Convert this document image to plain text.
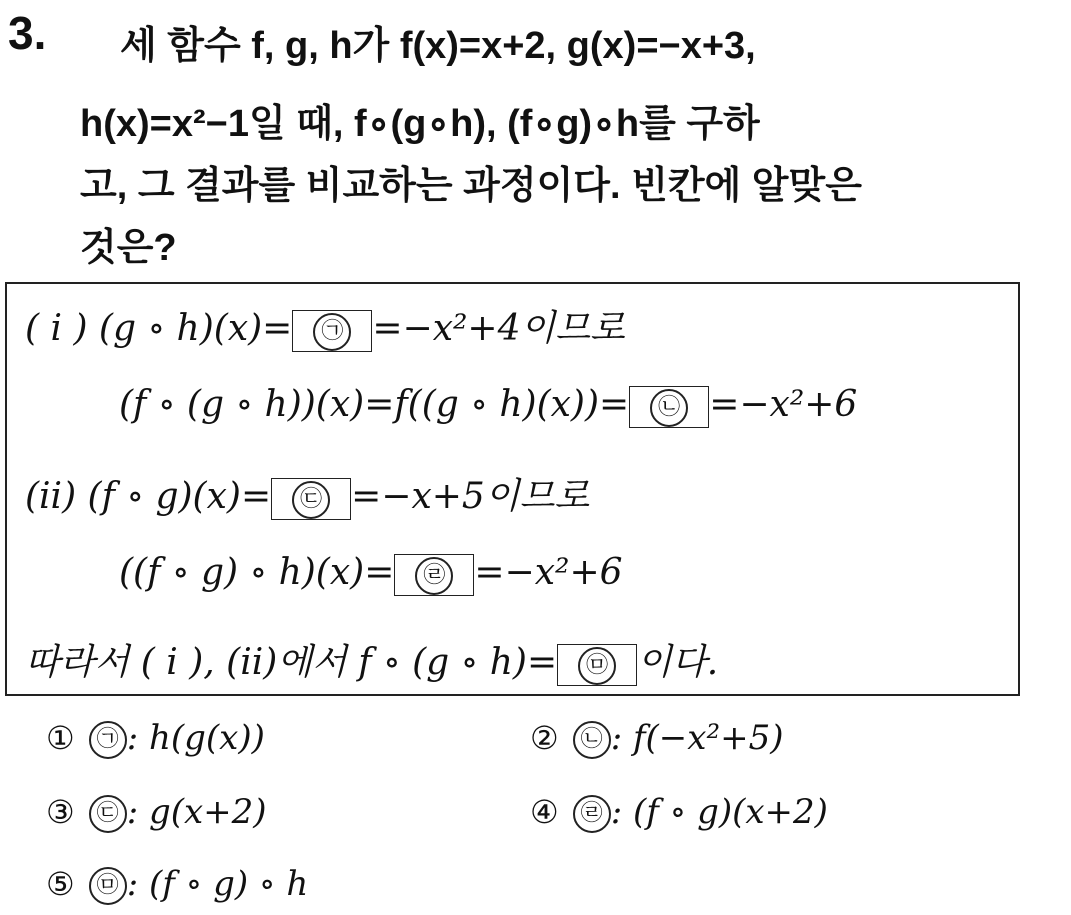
3. 세 함수 f, g, h가 f(x)=x+2, g(x)=−x+3,
h(x)=x²−1일 때, f∘(g∘h), (f∘g)∘h를 구하
고, 그 결과를 비교하는 과정이다. 빈칸에 알맞은
것은?
( i ) (g ∘ h)(x)= ㉠ =−x²+4이므로
(f ∘ (g ∘ h))(x)=f((g ∘ h)(x))= ㉡ =−x²+6
(ii) (f ∘ g)(x)= ㉢ =−x+5이므로
((f ∘ g) ∘ h)(x)= ㉣ =−x²+6
따라서 ( i ), (ii)에서 f ∘ (g ∘ h)= ㉤ 이다.
① ㉠ : h(g(x))	② ㉡ : f(−x²+5)
③ ㉢ : g(x+2)	④ ㉣ : (f ∘ g)(x+2)
⑤ ㉤ : (f ∘ g) ∘ h
